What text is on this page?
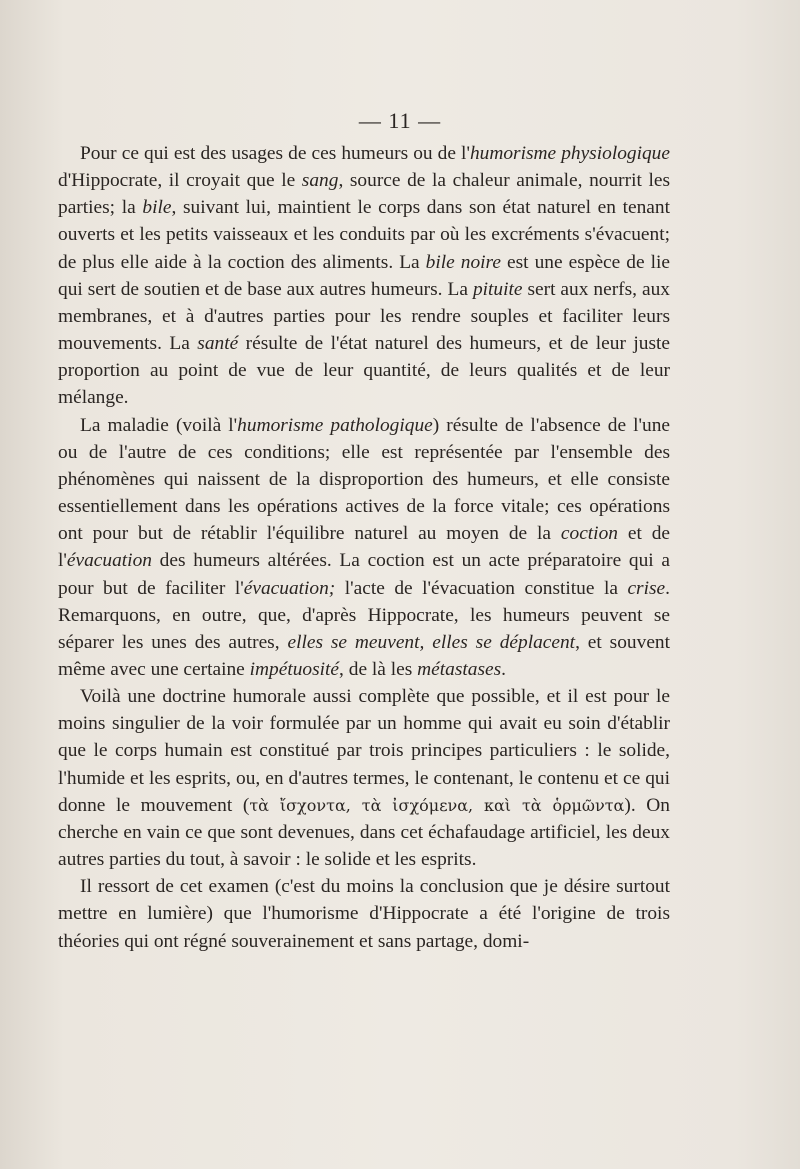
— 11 —

Pour ce qui est des usages de ces humeurs ou de l'humorisme physiologique d'Hippocrate, il croyait que le sang, source de la chaleur animale, nourrit les parties; la bile, suivant lui, maintient le corps dans son état naturel en tenant ouverts et les petits vaisseaux et les conduits par où les excréments s'évacuent; de plus elle aide à la coction des aliments. La bile noire est une espèce de lie qui sert de soutien et de base aux autres humeurs. La pituite sert aux nerfs, aux membranes, et à d'autres parties pour les rendre souples et faciliter leurs mouvements. La santé résulte de l'état naturel des humeurs, et de leur juste proportion au point de vue de leur quantité, de leurs qualités et de leur mélange.

La maladie (voilà l'humorisme pathologique) résulte de l'absence de l'une ou de l'autre de ces conditions; elle est représentée par l'ensemble des phénomènes qui naissent de la disproportion des humeurs, et elle consiste essentiellement dans les opérations actives de la force vitale; ces opérations ont pour but de rétablir l'équilibre naturel au moyen de la coction et de l'évacuation des humeurs altérées. La coction est un acte préparatoire qui a pour but de faciliter l'évacuation; l'acte de l'évacuation constitue la crise. Remarquons, en outre, que, d'après Hippocrate, les humeurs peuvent se séparer les unes des autres, elles se meuvent, elles se déplacent, et souvent même avec une certaine impétuosité, de là les métastases.

Voilà une doctrine humorale aussi complète que possible, et il est pour le moins singulier de la voir formulée par un homme qui avait eu soin d'établir que le corps humain est constitué par trois principes particuliers : le solide, l'humide et les esprits, ou, en d'autres termes, le contenant, le contenu et ce qui donne le mouvement (τὰ ἴσχοντα, τὰ ἰσχόμενα, καὶ τὰ ὁρμῶντα). On cherche en vain ce que sont devenues, dans cet échafaudage artificiel, les deux autres parties du tout, à savoir : le solide et les esprits.

Il ressort de cet examen (c'est du moins la conclusion que je désire surtout mettre en lumière) que l'humorisme d'Hippocrate a été l'origine de trois théories qui ont régné souverainement et sans partage, domi-
